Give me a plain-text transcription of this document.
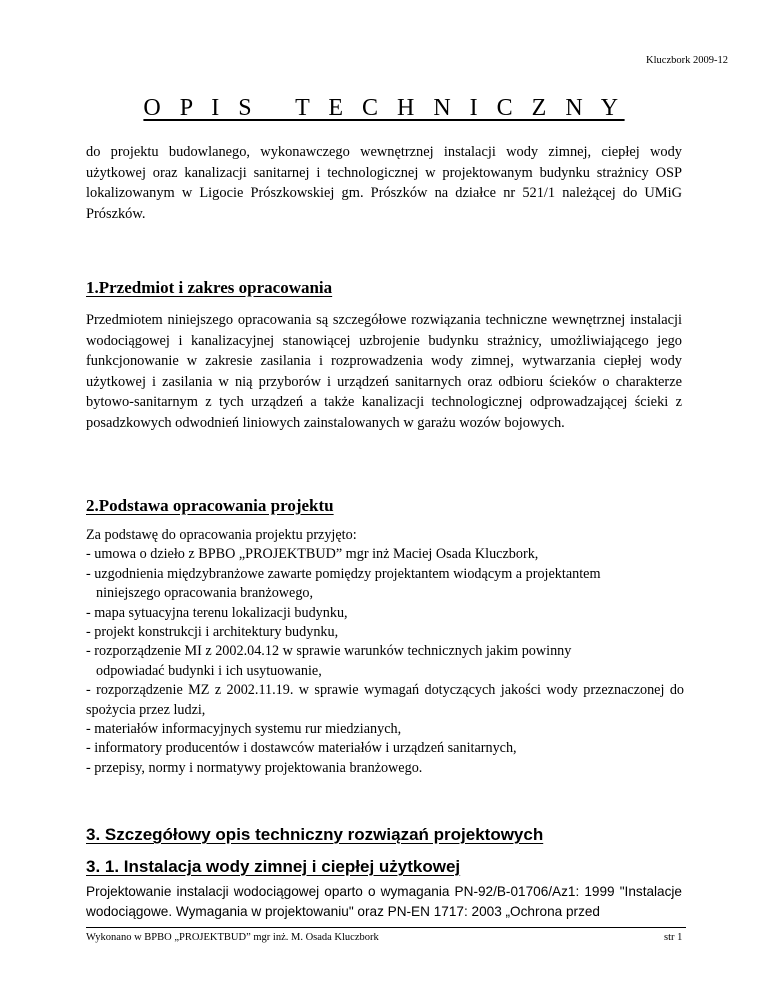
Kluczbork 2009-12
O P I S   T E C H N I C Z N Y

do projektu budowlanego, wykonawczego wewnętrznej instalacji wody zimnej, ciepłej wody użytkowej oraz kanalizacji sanitarnej i technologicznej w projektowanym budynku strażnicy OSP lokalizowanym w Ligocie Prószkowskiej gm. Prószków na działce nr 521/1 należącej do UMiG Prószków.

1.Przedmiot i zakres opracowania

Przedmiotem niniejszego opracowania są szczegółowe rozwiązania techniczne wewnętrznej instalacji wodociągowej i kanalizacyjnej stanowiącej uzbrojenie budynku strażnicy, umożliwiającego jego funkcjonowanie w zakresie zasilania i rozprowadzenia wody zimnej, wytwarzania ciepłej wody użytkowej i zasilania w nią przyborów i urządzeń sanitarnych oraz odbioru ścieków o charakterze bytowo-sanitarnym z tych urządzeń a także kanalizacji technologicznej odprowadzającej ścieki z posadzkowych odwodnień liniowych zainstalowanych w garażu wozów bojowych.

2.Podstawa opracowania projektu
Za podstawę do opracowania projektu przyjęto:
- umowa o dzieło z BPBO „PROJEKTBUD” mgr inż Maciej Osada Kluczbork,
- uzgodnienia międzybranżowe zawarte pomiędzy projektantem wiodącym a projektantem
niniejszego opracowania branżowego,
- mapa sytuacyjna terenu lokalizacji budynku,
- projekt konstrukcji i architektury budynku,
- rozporządzenie MI z 2002.04.12 w sprawie warunków technicznych jakim powinny
odpowiadać budynki i ich usytuowanie,
- rozporządzenie MZ z 2002.11.19. w sprawie wymagań dotyczących jakości wody przeznaczonej do spożycia przez ludzi,
- materiałów informacyjnych systemu rur miedzianych,
- informatory producentów i dostawców materiałów i urządzeń sanitarnych,
- przepisy, normy i normatywy projektowania branżowego.
3. Szczegółowy opis techniczny rozwiązań projektowych
3. 1. Instalacja wody zimnej i ciepłej użytkowej

Projektowanie instalacji wodociągowej oparto o wymagania PN-92/B-01706/Az1: 1999 "Instalacje wodociągowe. Wymagania w projektowaniu" oraz PN-EN 1717: 2003 „Ochrona przed

Wykonano w BPBO „PROJEKTBUD” mgr inż. M. Osada Kluczbork	str 1
